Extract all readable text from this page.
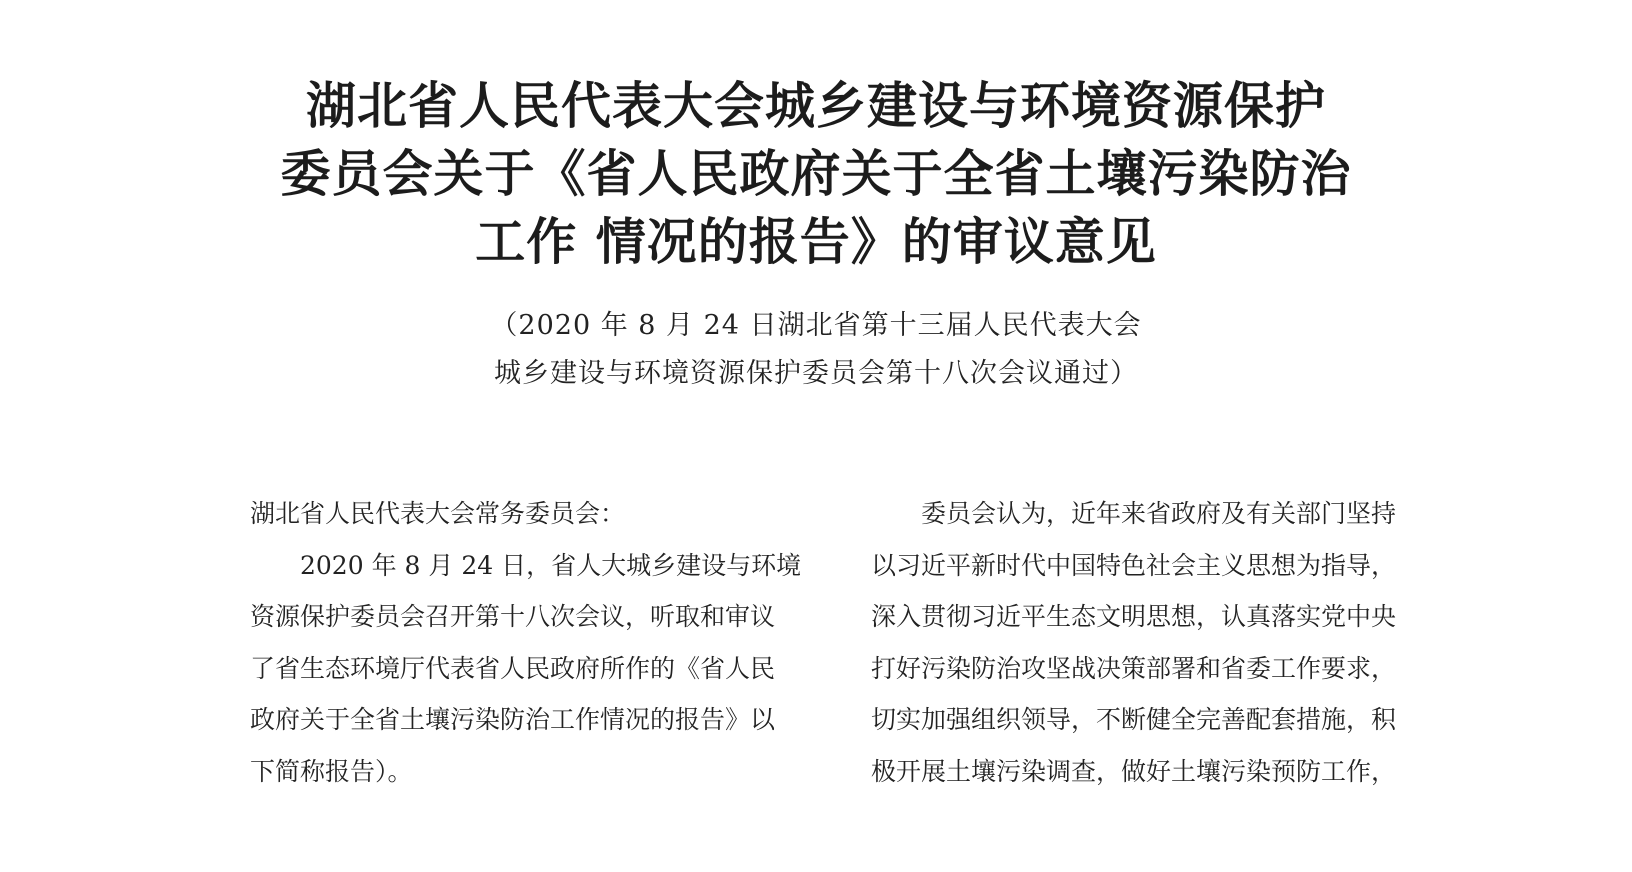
湖北省人民代表大会城乡建设与环境资源保护
委员会关于《省人民政府关于全省土壤污染防治
工作 情况的报告》的审议意见
（2020 年 8 月 24 日湖北省第十三届人民代表大会
城乡建设与环境资源保护委员会第十八次会议通过）
湖北省人民代表大会常务委员会：
　　2020 年 8 月 24 日，省人大城乡建设与环境
资源保护委员会召开第十八次会议，听取和审议
了省生态环境厅代表省人民政府所作的《省人民
政府关于全省土壤污染防治工作情况的报告》以
下简称报告）。
　　委员会认为，近年来省政府及有关部门坚持
以习近平新时代中国特色社会主义思想为指导，
深入贯彻习近平生态文明思想，认真落实党中央
打好污染防治攻坚战决策部署和省委工作要求，
切实加强组织领导，不断健全完善配套措施，积
极开展土壤污染调查，做好土壤污染预防工作，
